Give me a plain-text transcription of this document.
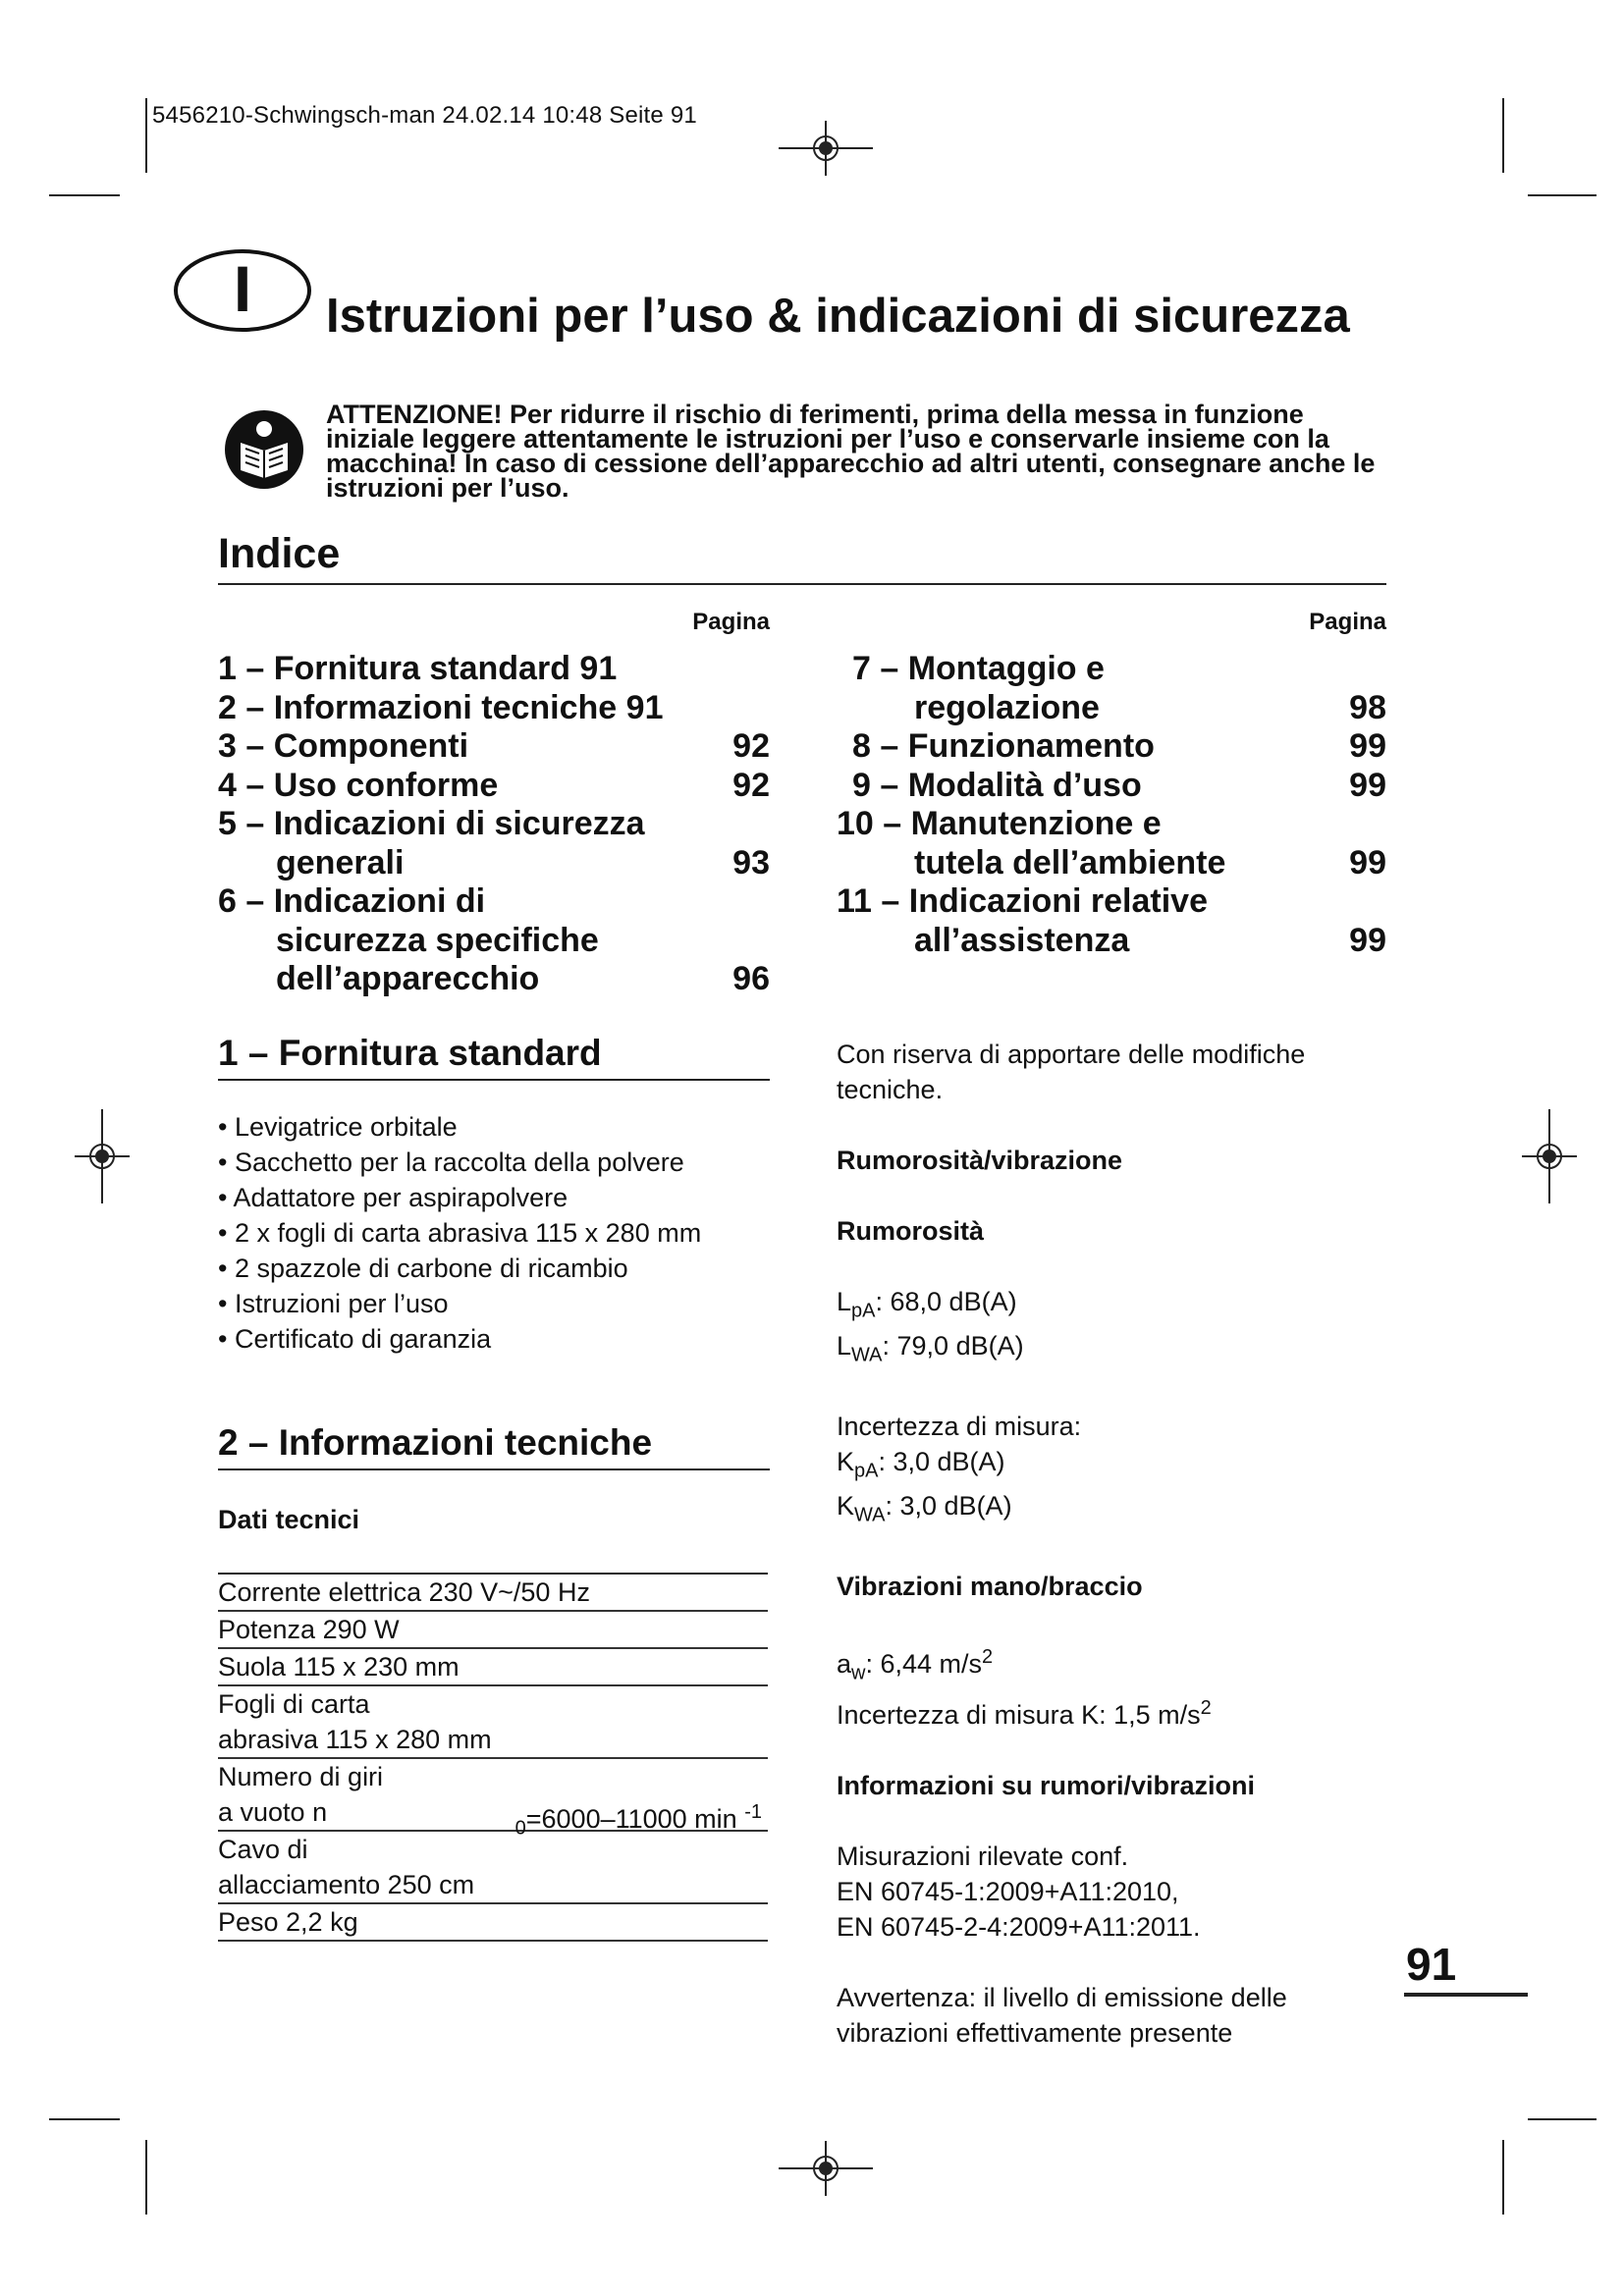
5456210-Schwingsch-man 24.02.14 10:48 Seite 91
I	Istruzioni per l’uso & indicazioni di sicurezza
ATTENZIONE! Per ridurre il rischio di ferimenti, prima della messa in funzione iniziale leggere attentamente le istruzioni per l’uso e conservarle insieme con la macchina! In caso di cessione dell’apparecchio ad altri utenti, consegnare anche le istruzioni per l’uso.
Indice
Pagina
1 – Fornitura standard 91
2 – Informazioni tecniche 91
3 – Componenti	92
4 – Uso conforme	92
5 – Indicazioni di sicurezza
generali	93
6 – Indicazioni di
sicurezza specifiche
dell’apparecchio	96
Pagina
7 – Montaggio e
regolazione	98
8 – Funzionamento	99
9 – Modalità d’uso	99
10 – Manutenzione e
tutela dell’ambiente	99
11 – Indicazioni relative
all’assistenza	99
1 – Fornitura standard
• Levigatrice orbitale
• Sacchetto per la raccolta della polvere
• Adattatore per aspirapolvere
• 2 x fogli di carta abrasiva 115 x 280 mm
• 2 spazzole di carbone di ricambio
• Istruzioni per l’uso
• Certificato di garanzia
2 – Informazioni tecniche
Dati tecnici
Corrente elettrica 230 V~/50 Hz
Potenza 290 W
Suola 115 x 230 mm

Fogli di carta
abrasiva 115 x 280 mm

Numero di giri
a vuoto n
$_0$=6000–11000 min $^{-1}$

Cavo di
allacciamento 250 cm

Peso 2,2 kg
Con riserva di apportare delle modifiche tecniche.
Rumorosità/vibrazione
Rumorosità
$L_{pA}$: 68,0 dB(A)
$L_{WA}$: 79,0 dB(A)
Incertezza di misura:
$K_{pA}$: 3,0 dB(A)
$K_{WA}$: 3,0 dB(A)
Vibrazioni mano/braccio
$a_w$: 6,44 $m/s^2$
Incertezza di misura K: 1,5 $m/s^2$
Informazioni su rumori/vibrazioni
Misurazioni rilevate conf.
EN 60745-1:2009+A11:2010,
EN 60745-2-4:2009+A11:2011.
Avvertenza: il livello di emissione delle
vibrazioni effettivamente presente
91
